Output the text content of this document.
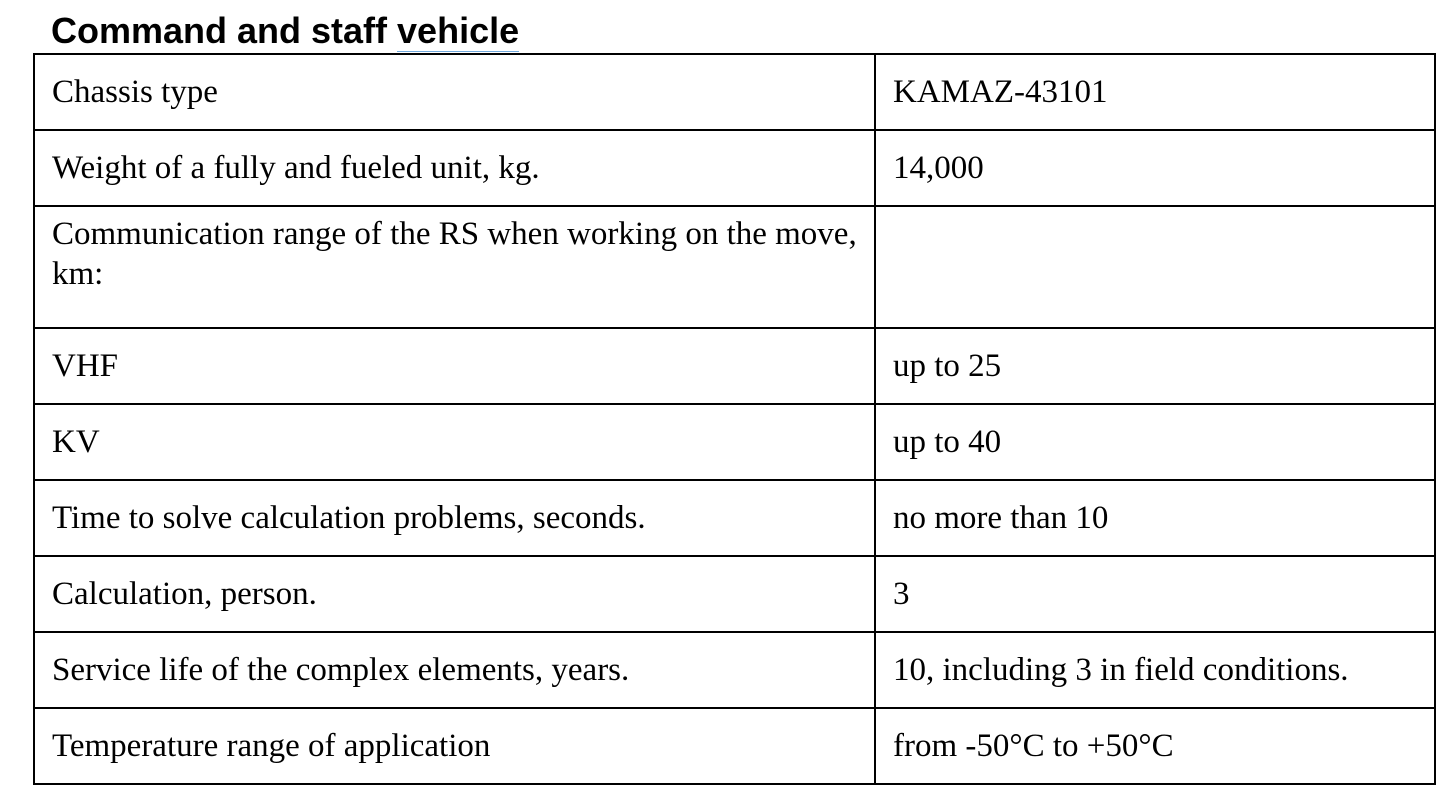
Command and staff vehicle
Chassis type	KAMAZ-43101
Weight of a fully and fueled unit, kg.	14,000
Communication range of the RS when working on the move, km:	
VHF	up to 25
KV	up to 40
Time to solve calculation problems, seconds.	no more than 10
Calculation, person.	3
Service life of the complex elements, years.	10, including 3 in field conditions.
Temperature range of application	from -50°C to +50°C
